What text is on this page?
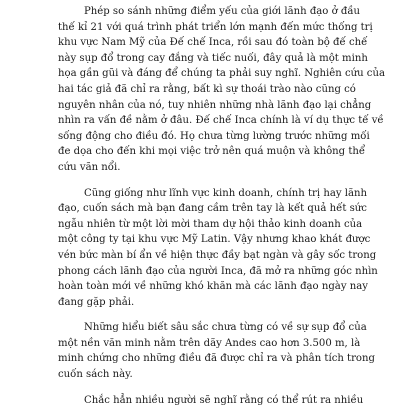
Phép so sánh những điểm yếu của giới lãnh đạo ở đầu
thế kỉ 21 với quá trình phát triển lớn mạnh đến mức thống trị
khu vực Nam Mỹ của Đế chế Inca, rồi sau đó toàn bộ đế chế
này sụp đổ trong cay đắng và tiếc nuối, đây quả là một minh
họa gần gũi và đáng để chúng ta phải suy nghĩ. Nghiên cứu của
hai tác giả đã chỉ ra rằng, bất kì sự thoái trào nào cũng có
nguyên nhân của nó, tuy nhiên những nhà lãnh đạo lại chẳng
nhìn ra vấn đề nằm ở đâu. Đế chế Inca chính là ví dụ thực tế về
sống động cho điều đó. Họ chưa từng lường trước những mối
đe dọa cho đến khi mọi việc trở nên quá muộn và không thể
cứu vãn nổi.
Cũng giống như lĩnh vực kinh doanh, chính trị hay lãnh
đạo, cuốn sách mà bạn đang cầm trên tay là kết quả hết sức
ngẫu nhiên từ một lời mời tham dự hội thảo kinh doanh của
một công ty tại khu vực Mỹ Latin. Vậy nhưng khao khát được
vén bức màn bí ẩn về hiện thực đầy bạt ngàn và gây sốc trong
phong cách lãnh đạo của người Inca, đã mở ra những góc nhìn
hoàn toàn mới về những khó khăn mà các lãnh đạo ngày nay
đang gặp phải.
Những hiểu biết sâu sắc chưa từng có về sự sụp đổ của
một nền văn minh nằm trên dãy Andes cao hơn 3.500 m, là
minh chứng cho những điều đã được chỉ ra và phân tích trong
cuốn sách này.
Chắc hẳn nhiều người sẽ nghĩ rằng có thể rút ra nhiều
